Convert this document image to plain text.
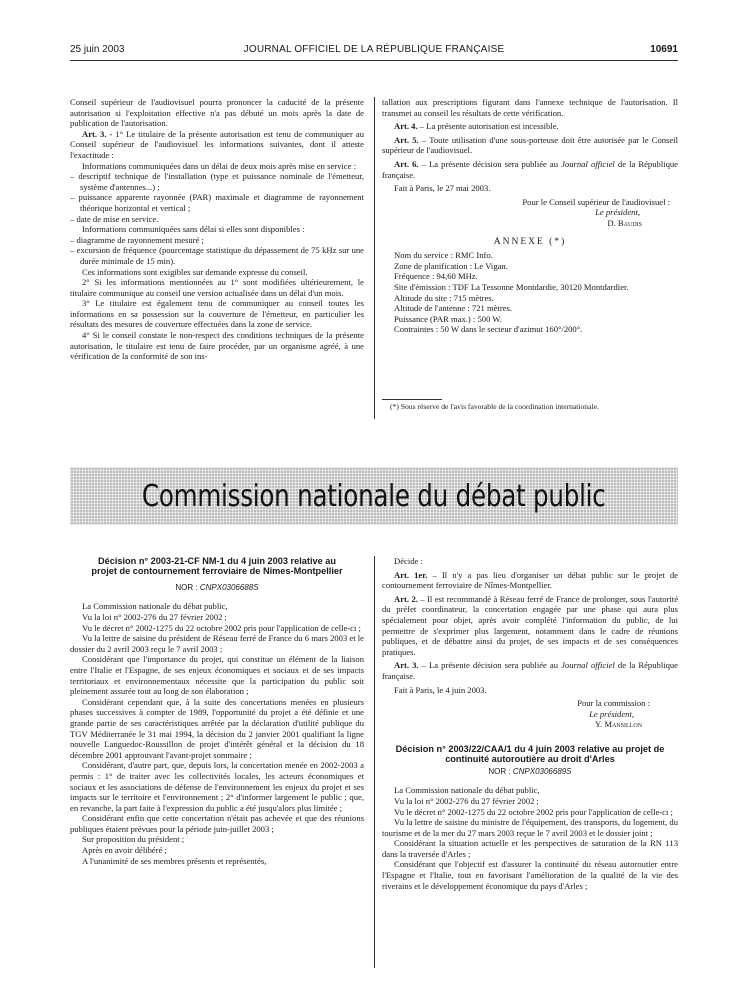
25 juin 2003	JOURNAL OFFICIEL DE LA RÉPUBLIQUE FRANÇAISE	10691

Conseil supérieur de l'audiovisuel pourra prononcer la caducité de la présente autorisation si l'exploitation effective n'a pas débuté un mois après la date de publication de l'autorisation.

Art. 3. - 1° Le titulaire de la présente autorisation est tenu de communiquer au Conseil supérieur de l'audiovisuel les informations suivantes, dont il atteste l'exactitude :

Informations communiquées dans un délai de deux mois après mise en service :

– descriptif technique de l'installation (type et puissance nominale de l'émetteur, système d'antennes...) ;

– puissance apparente rayonnée (PAR) maximale et diagramme de rayonnement théorique horizontal et vertical ;

– date de mise en service.

Informations communiquées sans délai si elles sont disponibles :

– diagramme de rayonnement mesuré ;

– excursion de fréquence (pourcentage statistique du dépassement de 75 kHz sur une durée minimale de 15 min).

Ces informations sont exigibles sur demande expresse du conseil.

2° Si les informations mentionnées au 1° sont modifiées ultérieurement, le titulaire communique au conseil une version actualisée dans un délai d'un mois.

3° Le titulaire est également tenu de communiquer au conseil toutes les informations en sa possession sur la couverture de l'émetteur, en particulier les résultats des mesures de couverture effectuées dans la zone de service.

4° Si le conseil constate le non-respect des conditions techniques de la présente autorisation, le titulaire est tenu de faire procéder, par un organisme agréé, à une vérification de la conformité de son ins-

tallation aux prescriptions figurant dans l'annexe technique de l'autorisation. Il transmet au conseil les résultats de cette vérification.

Art. 4. – La présente autorisation est incessible.

Art. 5. – Toute utilisation d'une sous-porteuse doit être autorisée par le Conseil supérieur de l'audiovisuel.

Art. 6. – La présente décision sera publiée au Journal officiel de la République française.

Fait à Paris, le 27 mai 2003.

Pour le Conseil supérieur de l'audiovisuel :

Le président,

D. Baudis

ANNEXE (*)

Nom du service : RMC Info.

Zone de planification : Le Vigan.

Fréquence : 94,60 MHz.

Site d'émission : TDF La Tessonne Montdardie, 30120 Montdardier.

Altitude du site : 715 mètres.

Altitude de l'antenne : 721 mètres.

Puissance (PAR max.) : 500 W.

Contraintes : 50 W dans le secteur d'azimut 160°/200°.

(*) Sous réserve de l'avis favorable de la coordination internationale.
Commission nationale du débat public

Décision n° 2003-21-CF NM-1 du 4 juin 2003 relative au projet de contournement ferroviaire de Nîmes-Montpellier

NOR : CNPX0306688S

La Commission nationale du débat public,

Vu la loi n° 2002-276 du 27 février 2002 ;

Vu le décret n° 2002-1275 du 22 octobre 2002 pris pour l'application de celle-ci ;

Vu la lettre de saisine du président de Réseau ferré de France du 6 mars 2003 et le dossier du 2 avril 2003 reçu le 7 avril 2003 ;

Considérant que l'importance du projet, qui constitue un élément de la liaison entre l'Italie et l'Espagne, de ses enjeux économiques et sociaux et de ses impacts territoriaux et environnementaux nécessite que la participation du public soit pleinement assurée tout au long de son élaboration ;

Considérant cependant que, à la suite des concertations menées en plusieurs phases successives à compter de 1989, l'opportunité du projet a été définie et une grande partie de ses caractéristiques arrêtée par la déclaration d'utilité publique du TGV Méditerranée le 31 mai 1994, la décision du 2 janvier 2001 qualifiant la ligne nouvelle Languedoc-Roussillon de projet d'intérêt général et la décision du 18 décembre 2001 approuvant l'avant-projet sommaire ;

Considérant, d'autre part, que, depuis lors, la concertation menée en 2002-2003 a permis : 1° de traiter avec les collectivités locales, les acteurs économiques et sociaux et les associations de défense de l'environnement les enjeux du projet et ses impacts sur le territoire et l'environnement ; 2° d'informer largement le public ; que, en revanche, la part faite à l'expression du public a été jusqu'alors plus limitée ;

Considérant enfin que cette concertation n'était pas achevée et que des réunions publiques étaient prévues pour la période juin-juillet 2003 ;

Sur proposition du président ;

Après en avoir délibéré ;

A l'unanimité de ses membres présents et représentés,

Décide :

Art. 1er. – Il n'y a pas lieu d'organiser un débat public sur le projet de contournement ferroviaire de Nîmes-Montpellier.

Art. 2. – Il est recommandé à Réseau ferré de France de prolonger, sous l'autorité du préfet coordinateur, la concertation engagée par une phase qui aura plus spécialement pour objet, après avoir complété l'information du public, de lui permettre de s'exprimer plus largement, notamment dans le cadre de réunions publiques, et de débattre ainsi du projet, de ses impacts et de ses conséquences pratiques.

Art. 3. – La présente décision sera publiée au Journal officiel de la République française.

Fait à Paris, le 4 juin 2003.

Pour la commission :

Le président,

Y. Mansillon

Décision n° 2003/22/CAA/1 du 4 juin 2003 relative au projet de continuité autoroutière au droit d'Arles

NOR : CNPX0306689S

La Commission nationale du débat public,

Vu la loi n° 2002-276 du 27 février 2002 ;

Vu le décret n° 2002-1275 du 22 octobre 2002 pris pour l'application de celle-ci ;

Vu la lettre de saisine du ministre de l'équipement, des transports, du logement, du tourisme et de la mer du 27 mars 2003 reçue le 7 avril 2003 et le dossier joint ;

Considérant la situation actuelle et les perspectives de saturation de la RN 113 dans la traversée d'Arles ;

Considérant que l'objectif est d'assurer la continuité du réseau autoroutier entre l'Espagne et l'Italie, tout en favorisant l'amélioration de la qualité de la vie des riverains et le développement économique du pays d'Arles ;
